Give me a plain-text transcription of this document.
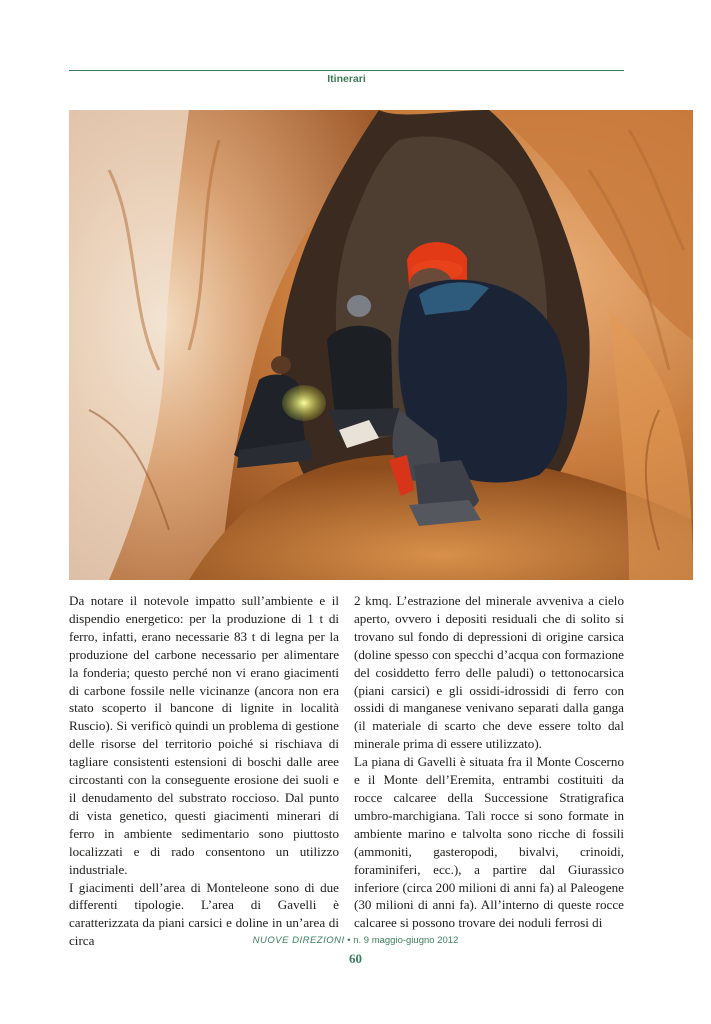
Itinerari

Da notare il notevole impatto sull’ambiente e il dispendio energetico: per la produzione di 1 t di ferro, infatti, erano necessarie 83 t di legna per la produzione del carbone necessario per alimentare la fonderia; questo perché non vi erano giacimenti di carbone fossile nelle vicinanze (ancora non era stato scoperto il bancone di lignite in località Ruscio). Si verificò quindi un problema di gestione delle risorse del territorio poiché si rischiava di tagliare consistenti estensioni di boschi dalle aree circostanti con la conseguente erosione dei suoli e il denudamento del substrato roccioso. Dal punto di vista genetico, questi giacimenti minerari di ferro in ambiente sedimentario sono piuttosto localizzati e di rado consentono un utilizzo industriale.

I giacimenti dell’area di Monteleone sono di due differenti tipologie. L’area di Gavelli è caratterizzata da piani carsici e doline in un’area di circa

2 kmq. L’estrazione del minerale avveniva a cielo aperto, ovvero i depositi residuali che di solito si trovano sul fondo di depressioni di origine carsica (doline spesso con specchi d’acqua con formazione del cosiddetto ferro delle paludi) o tettonocarsica (piani carsici) e gli ossidi-idrossidi di ferro con ossidi di manganese venivano separati dalla ganga (il materiale di scarto che deve essere tolto dal minerale prima di essere utilizzato).

La piana di Gavelli è situata fra il Monte Coscerno e il Monte dell’Eremita, entrambi costituiti da rocce calcaree della Successione Stratigrafica umbro-marchigiana. Tali rocce si sono formate in ambiente marino e talvolta sono ricche di fossili (ammoniti, gasteropodi, bivalvi, crinoidi, foraminiferi, ecc.), a partire dal Giurassico inferiore (circa 200 milioni di anni fa) al Paleogene (30 milioni di anni fa). All’interno di queste rocce calcaree si possono trovare dei noduli ferrosi di

NUOVE DIREZIONI • n. 9 maggio-giugno 2012
60
